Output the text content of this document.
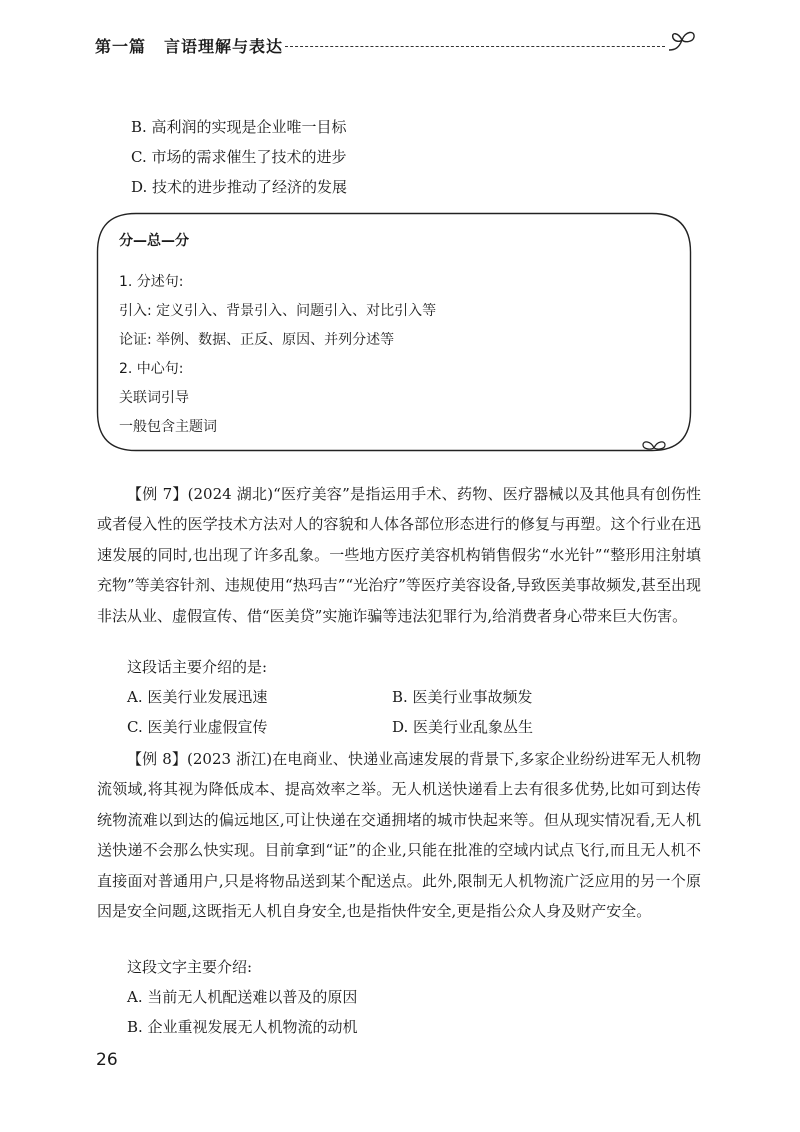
第一篇 言语理解与表达
B. 高利润的实现是企业唯一目标
C. 市场的需求催生了技术的进步
D. 技术的进步推动了经济的发展
分—总—分
1. 分述句:
引入: 定义引入、背景引入、问题引入、对比引入等
论证: 举例、数据、正反、原因、并列分述等
2. 中心句:
关联词引导
一般包含主题词
【例 7】(2024 湖北)“医疗美容”是指运用手术、药物、医疗器械以及其他具有创伤性或者侵入性的医学技术方法对人的容貌和人体各部位形态进行的修复与再塑。这个行业在迅速发展的同时,也出现了许多乱象。一些地方医疗美容机构销售假劣“水光针”“整形用注射填充物”等美容针剂、违规使用“热玛吉”“光治疗”等医疗美容设备,导致医美事故频发,甚至出现非法从业、虚假宣传、借“医美贷”实施诈骗等违法犯罪行为,给消费者身心带来巨大伤害。
这段话主要介绍的是:
A. 医美行业发展迅速	B. 医美行业事故频发
C. 医美行业虚假宣传	D. 医美行业乱象丛生
【例 8】(2023 浙江)在电商业、快递业高速发展的背景下,多家企业纷纷进军无人机物流领域,将其视为降低成本、提高效率之举。无人机送快递看上去有很多优势,比如可到达传统物流难以到达的偏远地区,可让快递在交通拥堵的城市快起来等。但从现实情况看,无人机送快递不会那么快实现。目前拿到“证”的企业,只能在批准的空域内试点飞行,而且无人机不直接面对普通用户,只是将物品送到某个配送点。此外,限制无人机物流广泛应用的另一个原因是安全问题,这既指无人机自身安全,也是指快件安全,更是指公众人身及财产安全。
这段文字主要介绍:
A. 当前无人机配送难以普及的原因
B. 企业重视发展无人机物流的动机
26
